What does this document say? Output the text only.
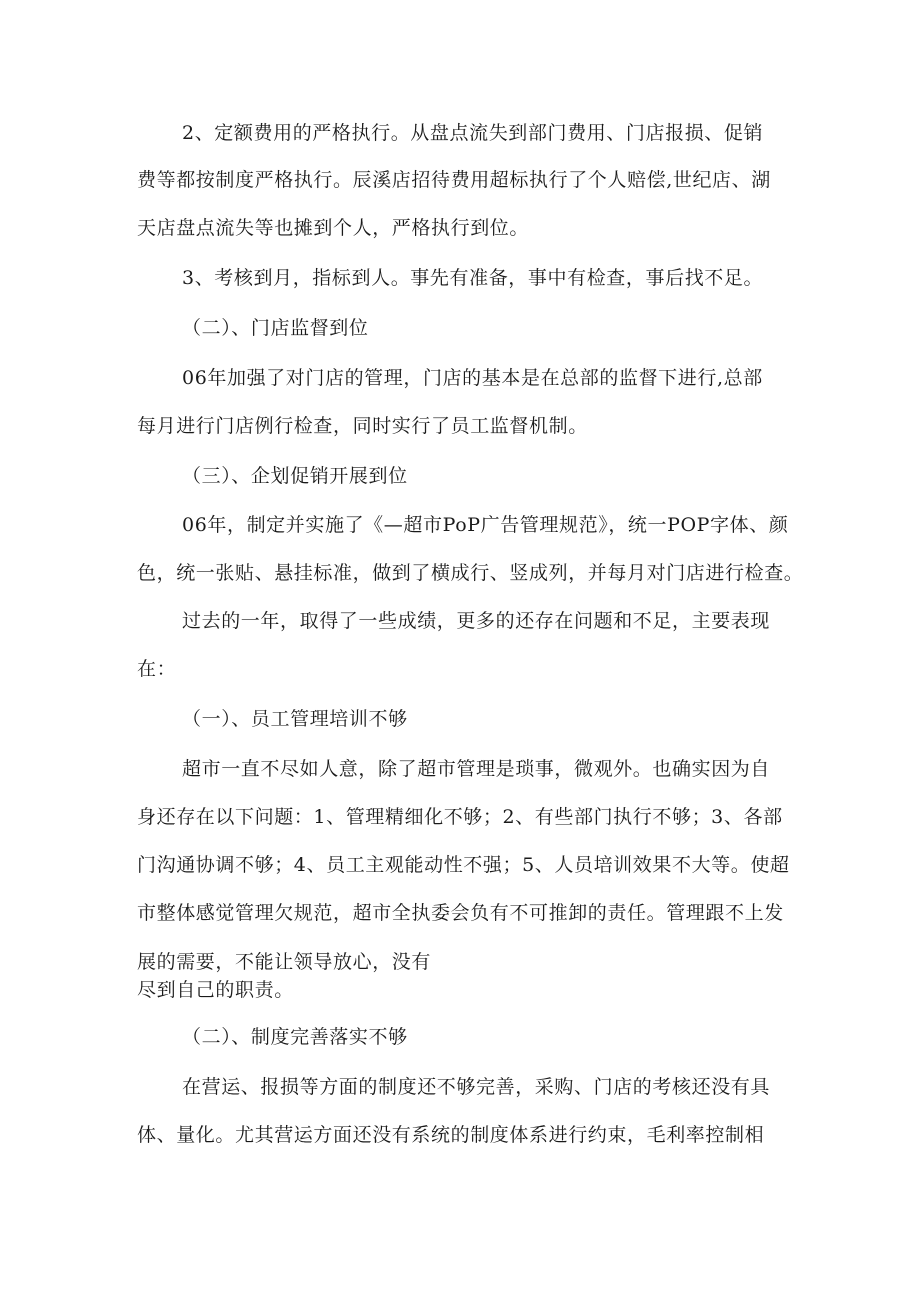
2、定额费用的严格执行。从盘点流失到部门费用、门店报损、促销
费等都按制度严格执行。辰溪店招待费用超标执行了个人赔偿,世纪店、湖
天店盘点流失等也摊到个人，严格执行到位。
3、考核到月，指标到人。事先有准备，事中有检查，事后找不足。
（二）、门店监督到位
06年加强了对门店的管理，门店的基本是在总部的监督下进行,总部
每月进行门店例行检查，同时实行了员工监督机制。
（三）、企划促销开展到位
06年，制定并实施了《—超市PoP广告管理规范》，统一POP字体、颜
色，统一张贴、悬挂标准，做到了横成行、竖成列，并每月对门店进行检查。
过去的一年，取得了一些成绩，更多的还存在问题和不足，主要表现
在：
（一）、员工管理培训不够
超市一直不尽如人意，除了超市管理是琐事，微观外。也确实因为自
身还存在以下问题：1、管理精细化不够；2、有些部门执行不够；3、各部
门沟通协调不够；4、员工主观能动性不强；5、人员培训效果不大等。使超
市整体感觉管理欠规范，超市全执委会负有不可推卸的责任。管理跟不上发
展的需要，不能让领导放心，没有
尽到自己的职责。
（二）、制度完善落实不够
在营运、报损等方面的制度还不够完善，采购、门店的考核还没有具
体、量化。尤其营运方面还没有系统的制度体系进行约束，毛利率控制相
